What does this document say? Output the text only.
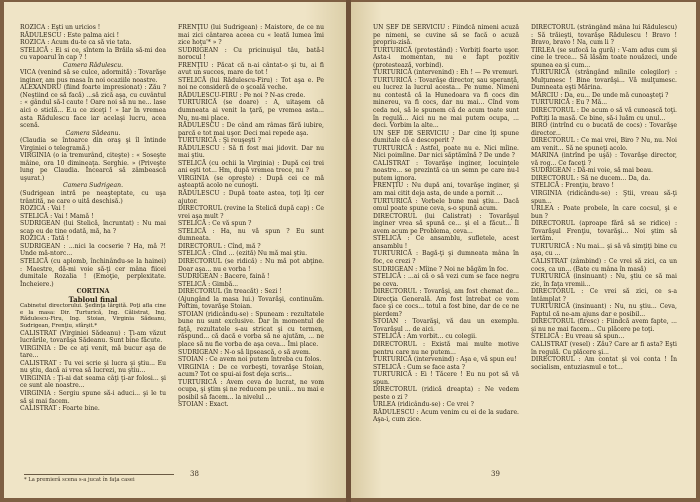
ROZICA : Eşti un uricios !
RĂDULESCU : Este palma aici !
ROZICA : Acum du-te ca să vie tata.
STELICĂ : Ei si ce, sîntem la Brăila să-mi dea cu vapoarul în cap ? !

Camera Rădulescu.

VICA (venind să se culce, adormită) : Tovarăşe inginer, am pus masa în noi ocaziile noastre.
ALEXANDRU (fiind foarte impresionat) : Zău ? (Neştiind ce să facă) ...să zică aşa, cu cuvântul : « gândul să-l caute ! Oare noi să nu ne... lase aici o sticlă... E.u ce ziceţi ! » Iar în vremea asta Rădulescu face iar acelaşi lucru, acea scenă.

Camera Sădeanu.

(Claudia se întoarce din oraş şi îl întinde Virginiei o telegramă.)
VIRGINIA (o ia tremurând, citeşte) : « Soseşte mâine, ora 10 dimineaţa. Serghie. » (Priveşte lung pe Claudia. Încearcă să zâmbească uşurat.)

Camera Sudrigean.

(Sudrigean intră pe neaşteptate, cu uşa trântită, ne care o uită deschisă.)
ROZICA : Vai !
STELICĂ : Vai ! Mamă !
SUDRIGEAN (lui Stelică, încruntat) : Nu mai scap eu de tine odată, mă, ha ?
ROZICA : Tată !
SUDRIGEAN : ...nici la cocserie ? Ha, mă ?! Unde mă-ntorc...
STELICĂ (cu aplomb, închinându-se la hainei) : Maestre, dă-mi voie să-ţi cer mâna fiicei dumitale Rozalia ! (Emoţie, perplexitate. Încheiere.)

CORTINA

Tabloul final

Cabinetul directorului. Şedinţa lărgită. Poţi afla cine e la masa: Dir. Turturică, Ing. Călistrat, Ing. Rădulescu-Firu, Ing. Stoian, Virginia Sădeanu, Sudrigean, Frenţiu, sfârşit.*

CALISTRAT (Virginiei Sădeanu) : Ţi-am văzut lucrările, tovarăşa Sădeanu. Sunt bine făcute.
VIRGINIA : De ce aţi venit, mă bucur aşa de tare...
CALISTRAT : Tu vei scrie şi lucra şi ştiu... Eu nu ştiu, dacă ai vrea să lucrezi, nu ştiu...
VIRGINIA : Ţi-ai dat seama câţi ţi-ar folosi... şi ce sunt ale noastre...
VIRGINIA : Sergiu spune să-i aduci... şi le tu să şi mai facem.
CALISTRAT : Foarte bine.

FRENŢIU (lui Sudrigean) : Maistore, de ce nu mai zici cântarea aceea cu « leată lumea îmi zice hoţu'* » ?
SUDRIGEAN : Cu pricinuişul tău, bată-l norocul !
FRENŢIU : Păcat că n-ai cântat-o şi tu, ai fi avut un succes, mare de tot !
STELICĂ (lui Rădulescu-Firu) : Tot aşa e. Pe noi ne consideră de o şcoală veche.
RĂDULESCU-FIRU : Pe noi ? N-as crede.
TURTURICĂ (se doare) : A, uitaşem că dumneata ai venit la ţară, pe vremea asta... Nu, nu-mi place.
RĂDULESCU : De când am râmas fără iubire, parcă e tot mai uşor. Deci mai repede aşa.
TURTURICĂ : Şi reuşeşti ?
RĂDULESCU : Să fi fost mai jidovit. Dar nu mai ştiu.
STELICĂ (cu ochii la Virginia) : După cei trei ani eşti tot... Hm, după vremea trece, nu ?
VIRGINIA (se opreşte) : După cei ce mă aşteaptă acolo ne cunoşti.
RĂDULESCU : După toate astea, toţi îţi cer ajutor.
DIRECTORUL (revine la Stelică după cap) : Ce vrei aşa mult ?
STELICĂ : Ce vă spun ?
STELICĂ : Ha, nu vă spun ? Eu sunt dumneata.
DIRECTORUL : Cînd, mă ?
STELICĂ : Cînd ... (ezită) Nu mă mai ştiu.
DIRECTORUL (se ridică) : Nu mă pot abţine. Doar aşa... nu e vorba !
SUDRIGEAN : Bacere, faină !
STELICĂ : Gimbă...
DIRECTORUL (în treacăt) : Sezi !
(Ajungând la masa lui.) Tovarăşi, continuăm. Poftim, tovarăşe Stoian.
STOIAN (ridicându-se) : Spuneam : rezultatele bune nu sunt exclusive. Dar în momentul de faţă, rezultatele s-au stricat şi cu termen, răspund... că dacă e vorba să ne ajutăm, ... ne place să nu fie vorba de aşa ceva... Îmi place.
SUDRIGEAN : N-o să lipsească, o să avem.
STOIAN : Ce avem noi putem întreba cu folos.
VIRGINIA : De ce vorbeşti, tovarăşe Stoian, acum? Tot ce spui-ai fost deja scris...
TURTURICĂ : Avem ceva de lucrat, ne vom ocupa, şi ştim şi ne reducem pe unii... nu mai e posibil să facem... la nivelul ...
STOIAN : Exact.

* La premieră scena s-a jucat în faţa casei
38

UN ȘEF DE SERVICIU : Fiindcă nimeni acuză pe nimeni, se cuvine să se facă o acuză propriu-zisă.
TURTURICĂ (protestând) : Vorbiţi foarte uşor. Asta-i momentan, nu e fapt pozitiv (protestează, vorbind).
TURTURICĂ (intervenind) : Eh ! — Pe vremuri.
TURTURICĂ : Tovarăşe director, sau speranţă, eu lucrez la lucrul acesta... Pe nume. Nimeni nu contestă că la Hunedoara va fi cocs din minereu, va fi cocs, dar nu mai... Cînd vom ceda noi, să le spunem că de acum toate sunt în regulă... Aici nu ne mai putem ocupa, ... deci. Vorbim la alte...
UN ȘEF DE SERVICIU : Dar cine îţi spune dumitale că e descoperit ?
TURTURICĂ : Astfel, poate nu e. Nici mîine. Nici poimîine. Dar nici săptămînă ? De unde ?
CALISTRAT : Tovarăşe inginer, locuinţele noastre... se prezintă ca un semn pe care nu-l putem ignora.
FRENŢIU : Nu după ani, tovarăşe inginer, şi am mai citit deja asta, de unde a pornit ...
TURTURICĂ : Vorbele bune mai ştiu... Dacă omul poate spune ceva, s-o spună acum.
DIRECTORUL (lui Calistrat) : Tovarăşul inginer vrea să spună ce... şi el a făcut... Îl avem acum pe Problema, ceva...
STELICĂ : Ce ansamblu, sufletele, acest ansamblu !
TURTURICĂ : Bagă-ţi şi dumneata mâna în foc, ce crezi ?
SUDRIGEAN : Mîine ? Noi ne băgăm în foc.
STELICĂ : ...ai că o să vezi cum se face negru pe ceva.
DIRECTORUL : Tovarăşi, am fost chemat de... Direcţia Generală. Am fost întrebat ce vom face şi ce cocs... totul a fost bine, dar de ce ne pierdem?
STOIAN : Tovarăşi, vă dau un exemplu. Tovarăşul ... de aici.
STELICĂ : Am vorbit... cu colegii.
DIRECTORUL : Există mai multe motive pentru care nu ne putem...
TURTURICĂ (intervenind) : Aşa e, vă spun eu!
STELICĂ : Cum se face asta ?
TURTURICĂ : Ei ! Tăcere ! Eu nu pot să vă spun.
DIRECTORUL (ridică dreapta) : Ne vedem peste o zi ?
URLEA (ridicându-se) : Ce vrei ?
RĂDULESCU : Acum venim cu ei de la sudare. Aşa-i, cum zice.

DIRECTORUL (strângând mâna lui Rădulescu) : Să trăieşti, tovarăşe Rădulescu ! Bravo ! Bravo, bravo ! Na, cum li ?
TIRLEA (se sufocă la gură) : V-am adus cum şi cine le trece... Să lăsăm toate nouăzeci, unde spunea ea şi cum...
TURTURICĂ (strângând mîinile colegilor) : Mulţumesc ! Bine tovarăşi... Vă mulţumesc. Dumneata eşti Mărina.
MĂRCIU : Da, eu... De unde mă cunoaşteţi ?
TURTURICĂ : Eu ? Mă...
DIRECTORUL : De acum o să vă cunoască toţi. Poftiţi la masă. Ce bine, să-i luăm cu unul...
BIRO (intrînd cu o bucată de cocs) : Tovarăşe director...
DIRECTORUL : Ce mai vrei, Biro ? Nu, nu. Noi am venit... Să ne spuneţi acolo.
MARINA (intrînd pe uşă) : Tovarăşe director, vă rog... Ce faceţi ?
SUDRIGEAN : Dă-mi voie, să mai beau.
DIRECTORUL : Să ne ducem... Da, da.
STELICĂ : Frenţiu, bravo !
VIRGINIA (ridicându-se) : Ştii, vreau să-ţi spun...
URLEA : Poate probele, în care cocsul, şi e bun ?
DIRECTORUL (aproape fără să se ridice) : Tovarăşul Frenţiu, tovarăşi... Noi ştim să iertăm.
TURTURICĂ : Nu mai... şi să vă simţiţi bine cu aşa, cu ...
CALISTRAT (zâmbind) : Ce vrei să zici, ca un cocs, ca un... (Bate cu mâna în masă)
TURTURICĂ (insinuant) : Nu, ştiu ce să mai zic, în faţa vremii...
DIRECTORUL : Ce vrei să zici, ce s-a întâmplat ?
TURTURICĂ (insinuant) : Nu, nu ştiu... Ceva, Faptul că ne-am ajuns dar e posibil...
DIRECTORUL (firesc) : Fiindcă avem fapte, ... şi nu ne mai facem... Cu plăcere pe toţi.
STELICĂ : Eu vreau să spun...
CALISTRAT (vesel) : Zău? Care ar fi asta? Eşti în regulă. Cu plăcere şi...
DIRECTORUL : Am contat şi voi conta ! În socialism, entuziasmul e tot...

39
